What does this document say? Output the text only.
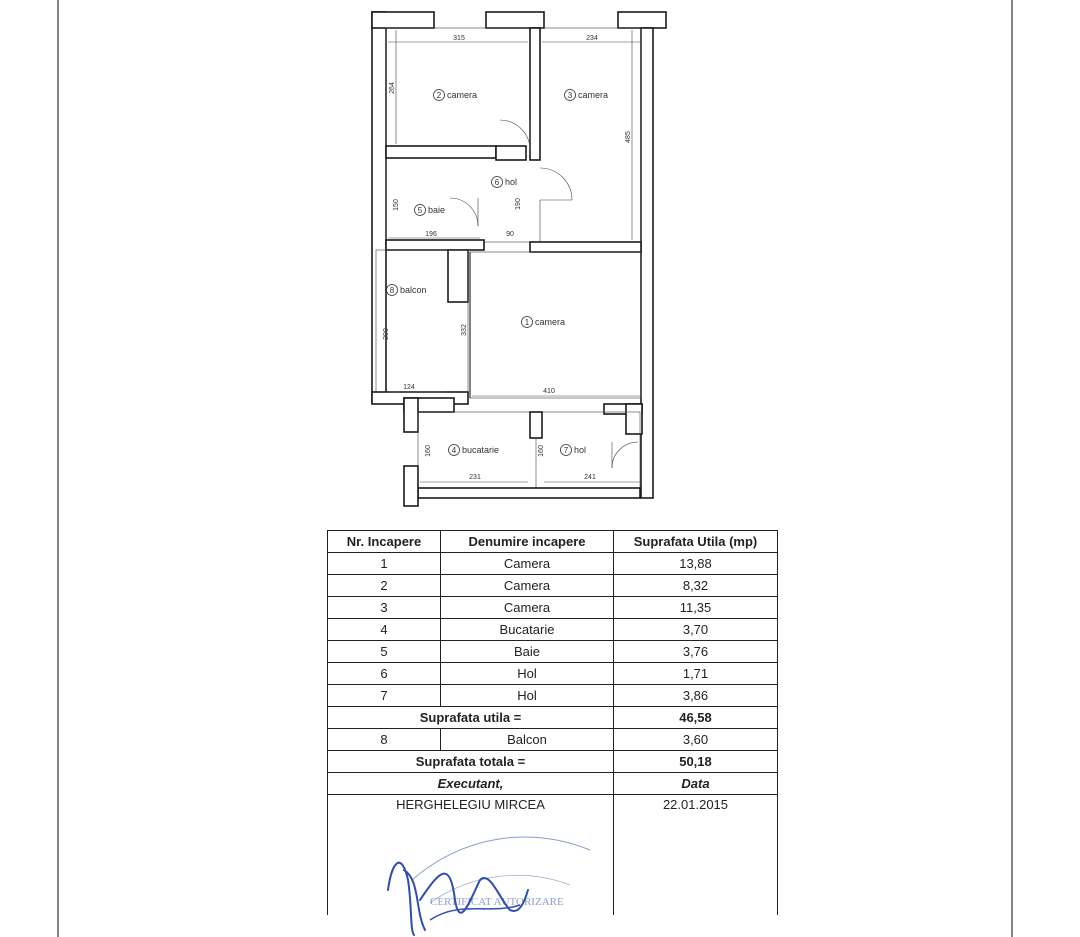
2	3
6
5
8
1
4	7
camera	camera
hol
baie
balcon
camera
bucatarie	hol
315	234
264
485
150	190
196	90
290	332
124
410
160	160
231	241
CERTIFICAT AUTORIZARE
Nr. Incapere	Denumire incapere	Suprafata Utila (mp)
1	Camera	13,88
2	Camera	8,32
3	Camera	11,35
4	Bucatarie	3,70
5	Baie	3,76
6	Hol	1,71
7	Hol	3,86
Suprafata utila =		46,58
8	Balcon	3,60
Suprafata totala =		50,18
Executant,		Data
HERGHELEGIU MIRCEA		22.01.2015
